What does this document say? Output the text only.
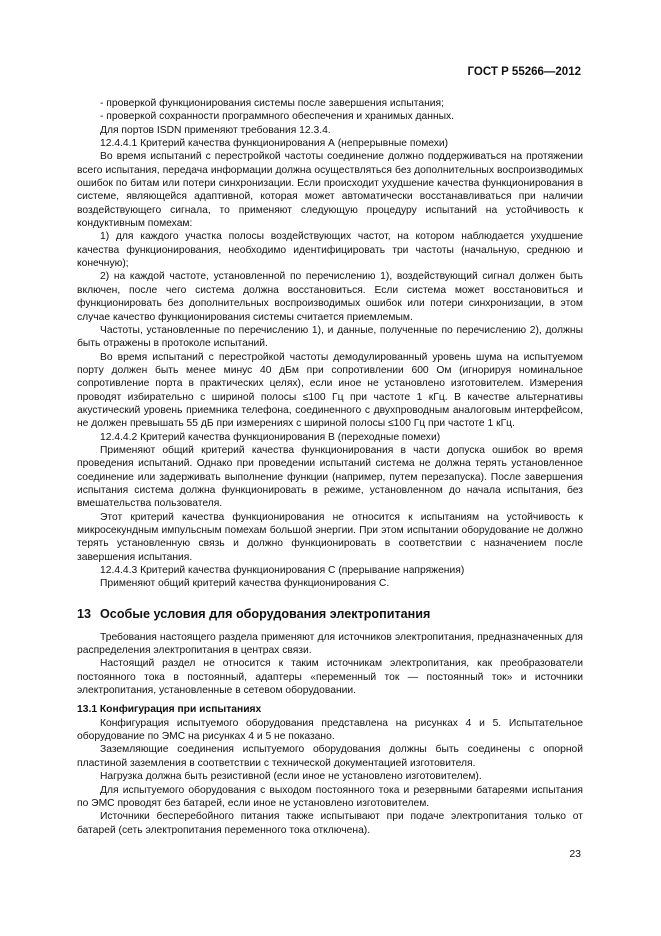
ГОСТ Р 55266—2012

- проверкой функционирования системы после завершения испытания;

- проверкой сохранности программного обеспечения и хранимых данных.

Для портов ISDN применяют требования 12.3.4.

12.4.4.1 Критерий качества функционирования А (непрерывные помехи)

Во время испытаний с перестройкой частоты соединение должно поддерживаться на протяжении всего испытания, передача информации должна осуществляться без дополнительных воспроизводимых ошибок по битам или потери синхронизации. Если происходит ухудшение качества функционирования в системе, являющейся адаптивной, которая может автоматически восстанавливаться при наличии воздействующего сигнала, то применяют следующую процедуру испытаний на устойчивость к кондуктивным помехам:

1) для каждого участка полосы воздействующих частот, на котором наблюдается ухудшение качества функционирования, необходимо идентифицировать три частоты (начальную, среднюю и конечную);

2) на каждой частоте, установленной по перечислению 1), воздействующий сигнал должен быть включен, после чего система должна восстановиться. Если система может восстановиться и функционировать без дополнительных воспроизводимых ошибок или потери синхронизации, в этом случае качество функционирования системы считается приемлемым.

Частоты, установленные по перечислению 1), и данные, полученные по перечислению 2), должны быть отражены в протоколе испытаний.

Во время испытаний с перестройкой частоты демодулированный уровень шума на испытуемом порту должен быть менее минус 40 дБм при сопротивлении 600 Ом (игнорируя номинальное сопротивление порта в практических целях), если иное не установлено изготовителем. Измерения проводят избирательно с шириной полосы ≤100 Гц при частоте 1 кГц. В качестве альтернативы акустический уровень приемника телефона, соединенного с двухпроводным аналоговым интерфейсом, не должен превышать 55 дБ при измерениях с шириной полосы ≤100 Гц при частоте 1 кГц.

12.4.4.2 Критерий качества функционирования В (переходные помехи)

Применяют общий критерий качества функционирования в части допуска ошибок во время проведения испытаний. Однако при проведении испытаний система не должна терять установленное соединение или задерживать выполнение функции (например, путем перезапуска). После завершения испытания система должна функционировать в режиме, установленном до начала испытания, без вмешательства пользователя.

Этот критерий качества функционирования не относится к испытаниям на устойчивость к микросекундным импульсным помехам большой энергии. При этом испытании оборудование не должно терять установленную связь и должно функционировать в соответствии с назначением после завершения испытания.

12.4.4.3 Критерий качества функционирования С (прерывание напряжения)

Применяют общий критерий качества функционирования С.

13 Особые условия для оборудования электропитания

Требования настоящего раздела применяют для источников электропитания, предназначенных для распределения электропитания в центрах связи.

Настоящий раздел не относится к таким источникам электропитания, как преобразователи постоянного тока в постоянный, адаптеры «переменный ток — постоянный ток» и источники электропитания, установленные в сетевом оборудовании.

13.1 Конфигурация при испытаниях

Конфигурация испытуемого оборудования представлена на рисунках 4 и 5. Испытательное оборудование по ЭМС на рисунках 4 и 5 не показано.

Заземляющие соединения испытуемого оборудования должны быть соединены с опорной пластиной заземления в соответствии с технической документацией изготовителя.

Нагрузка должна быть резистивной (если иное не установлено изготовителем).

Для испытуемого оборудования с выходом постоянного тока и резервными батареями испытания по ЭМС проводят без батарей, если иное не установлено изготовителем.

Источники бесперебойного питания также испытывают при подаче электропитания только от батарей (сеть электропитания переменного тока отключена).

23
